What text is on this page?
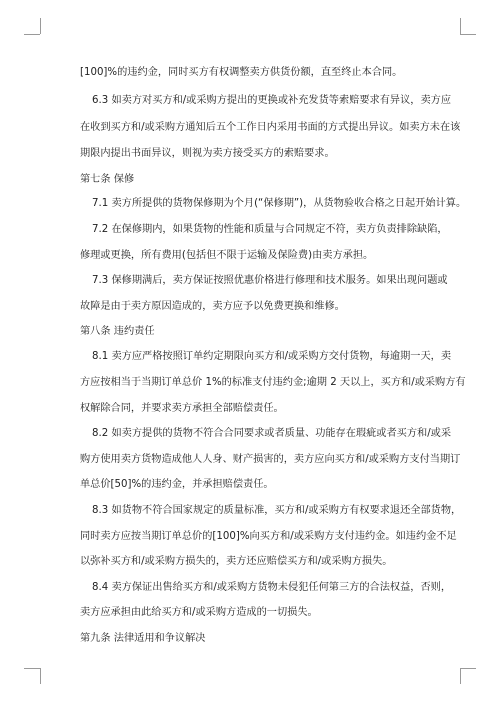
[100]%的违约金，同时买方有权调整卖方供货份额，直至终止本合同。

6.3 如卖方对买方和/或采购方提出的更换或补充发货等索赔要求有异议，卖方应

在收到买方和/或采购方通知后五个工作日内采用书面的方式提出异议。如卖方未在该

期限内提出书面异议，则视为卖方接受买方的索赔要求。

第七条 保修

7.1 卖方所提供的货物保修期为个月(“保修期”)，从货物验收合格之日起开始计算。

7.2 在保修期内，如果货物的性能和质量与合同规定不符，卖方负责排除缺陷，

修理或更换，所有费用(包括但不限于运输及保险费)由卖方承担。

7.3 保修期满后，卖方保证按照优惠价格进行修理和技术服务。如果出现问题或

故障是由于卖方原因造成的，卖方应予以免费更换和维修。

第八条 违约责任

8.1 卖方应严格按照订单约定期限向买方和/或采购方交付货物，每逾期一天，卖

方应按相当于当期订单总价 1%的标准支付违约金;逾期 2 天以上，买方和/或采购方有

权解除合同，并要求卖方承担全部赔偿责任。

8.2 如卖方提供的货物不符合合同要求或者质量、功能存在瑕疵或者买方和/或采

购方使用卖方货物造成他人人身、财产损害的，卖方应向买方和/或采购方支付当期订

单总价[50]%的违约金，并承担赔偿责任。

8.3 如货物不符合国家规定的质量标准，买方和/或采购方有权要求退还全部货物，

同时卖方应按当期订单总价的[100]%向买方和/或采购方支付违约金。如违约金不足

以弥补买方和/或采购方损失的，卖方还应赔偿买方和/或采购方损失。

8.4 卖方保证出售给买方和/或采购方货物未侵犯任何第三方的合法权益，否则，

卖方应承担由此给买方和/或采购方造成的一切损失。

第九条 法律适用和争议解决
